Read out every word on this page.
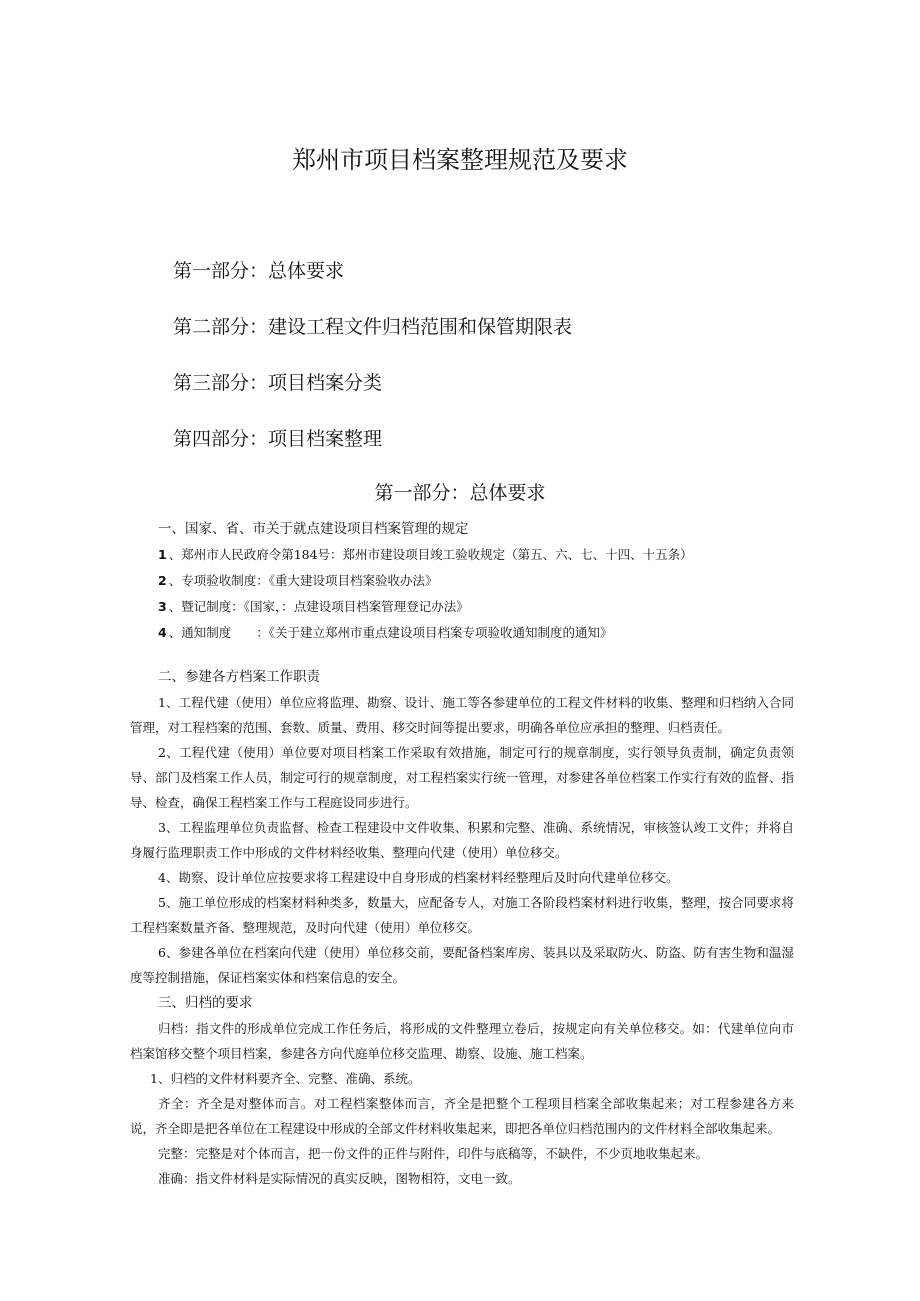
郑州市项目档案整理规范及要求
第一部分：总体要求
第二部分：建设工程文件归档范围和保管期限表
第三部分：项目档案分类
第四部分：项目档案整理
第一部分：总体要求
一、国家、省、市关于就点建设项目档案管理的规定
1 、郑州市人民政府令第184号：郑州市建设项目竣工验收规定（第五、六、七、十四、十五条）
2 、专项验收制度：《重大建设项目档案验收办法》
3 、暨记制度：《国家，：点建设项目档案管理登记办法》
4 、通知制度　　：《关于建立郑州市重点建设项目档案专项验收通知制度的通知》
二、参建各方档案工作职责

1、工程代建（使用）单位应将监理、勘察、设计、施工等各参建单位的工程文件材料的收集、整理和归档纳入合同管理，对工程档案的范围、套数、质量、费用、移交时间等提出要求，明确各单位应承担的整理、归档责任。

2、工程代建（使用）单位要对项目档案工作采取有效措施，制定可行的规章制度，实行领导负责制，确定负责领导、部门及档案工作人员，制定可行的规章制度，对工程档案实行统一管理，对参建各单位档案工作实行有效的监督、指导、检查，确保工程档案工作与工程庭设同步进行。

3、工程监理单位负责监督、检查工程建设中文件收集、积累和完整、准确、系统情况，审核签认竣工文件；并将自身履行监理职责工作中形成的文件材料经收集、整理向代建（使用）单位移交。

4、勘察、设计单位应按要求将工程建设中自身形成的档案材料经整理后及时向代建单位移交。

5、施工单位形成的档案材料种类多，数量大，应配备专人，对施工各阶段档案材料进行收集，整理，按合同要求将工程档案数量齐备、整理规范，及时向代建（使用）单位移交。

6、参建各单位在档案向代建（使用）单位移交前，要配备档案库房、装具以及采取防火、防盗、防有害生物和温湿度等控制措施，保证档案实体和档案信息的安全。

三、归档的要求

归档：指文件的形成单位完成工作任务后，将形成的文件整理立卷后，按规定向有关单位移交。如：代建单位向市档案馆移交整个项目档案，参建各方向代庭单位移交监理、勘察、设施、施工档案。

1、归档的文件材料要齐全、完整、准确、系统。

齐全：齐全是对整体而言。对工程档案整体而言，齐全是把整个工程项目档案全部收集起来；对工程参建各方来说，齐全即是把各单位在工程建设中形成的全部文件材料收集起来，即把各单位归档范围内的文件材料全部收集起来。

完整：完整是对个体而言，把一份文件的正件与附件，印件与底稿等，不缺件，不少页地收集起来。

准确：指文件材料是实际情况的真实反映，图物相符，文电一致。
